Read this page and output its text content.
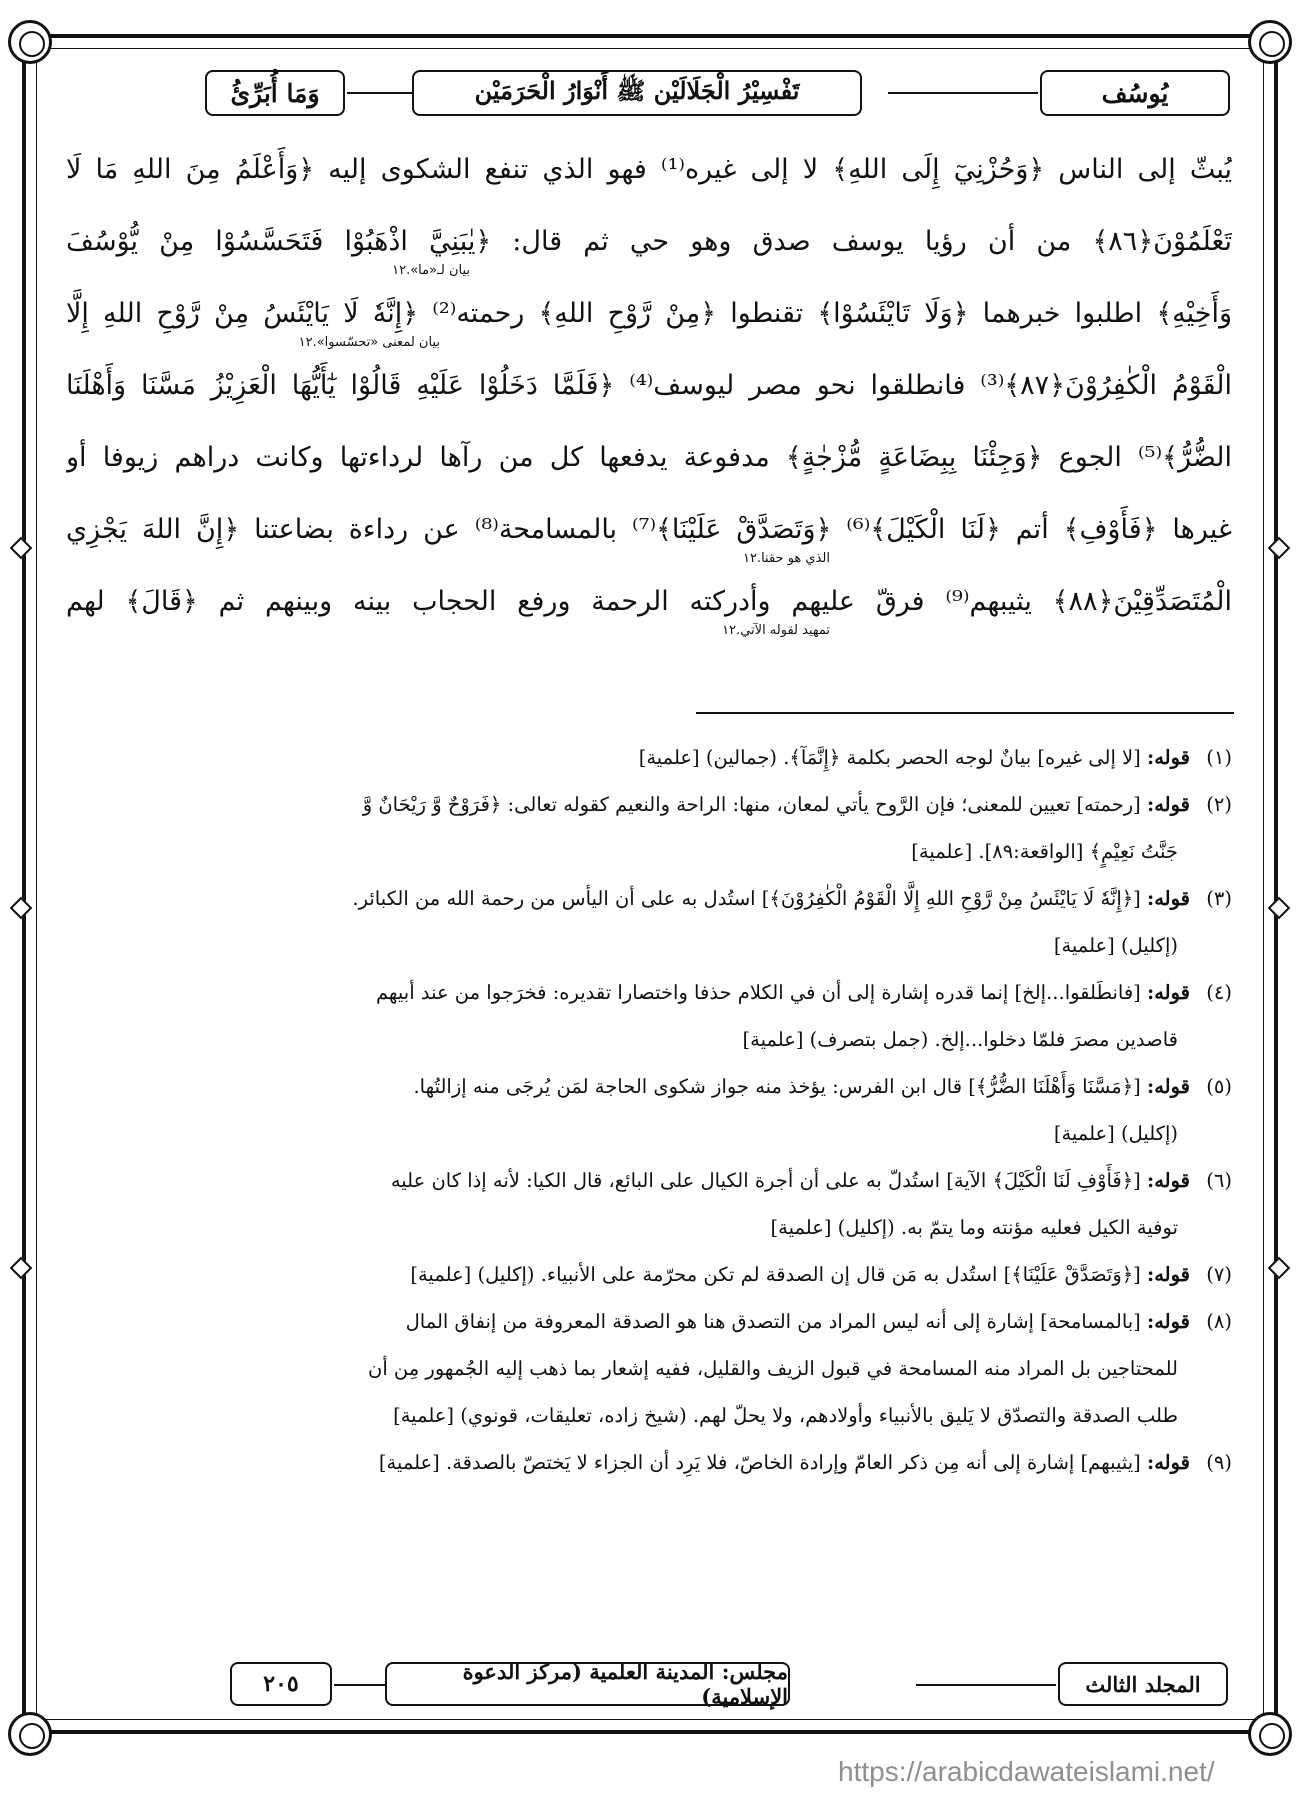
يُوسُف
تَفْسِيْرُ الْجَلَالَيْن ﷺ أَنْوَارُ الْحَرَمَيْن
وَمَا أُبَرِّئُ
يُبثّ إلى الناس ﴿وَحُزْنِيٓ إِلَى اللهِ﴾ لا إلى غيره⁽¹⁾ فهو الذي تنفع الشكوى إليه ﴿وَأَعْلَمُ مِنَ اللهِ مَا لَا
تَعْلَمُوْنَ﴿٨٦﴾ من أن رؤيا يوسف صدق وهو حي ثم قال: ﴿يٰبَنِيَّ اذْهَبُوْا فَتَحَسَّسُوْا مِنْ يُّوْسُفَ
وَأَخِيْهِ﴾ اطلبوا خبرهما ﴿وَلَا تَايْئَسُوْا﴾ تقنطوا ﴿مِنْ رَّوْحِ اللهِ﴾ رحمته⁽²⁾ ﴿إِنَّهٗ لَا يَايْئَسُ مِنْ رَّوْحِ اللهِ إِلَّا
الْقَوْمُ الْكٰفِرُوْنَ﴿٨٧﴾⁽³⁾ فانطلقوا نحو مصر ليوسف⁽⁴⁾ ﴿فَلَمَّا دَخَلُوْا عَلَيْهِ قَالُوْا يٰٓأَيُّهَا الْعَزِيْزُ مَسَّنَا وَأَهْلَنَا
الضُّرُّ﴾⁽⁵⁾ الجوع ﴿وَجِئْنَا بِبِضَاعَةٍ مُّزْجٰةٍ﴾ مدفوعة يدفعها كل من رآها لرداءتها وكانت دراهم زيوفا أو
غيرها ﴿فَأَوْفِ﴾ أتم ﴿لَنَا الْكَيْلَ﴾⁽⁶⁾ ﴿وَتَصَدَّقْ عَلَيْنَا﴾⁽⁷⁾ بالمسامحة⁽⁸⁾ عن رداءة بضاعتنا ﴿إِنَّ اللهَ يَجْزِي
الْمُتَصَدِّقِيْنَ﴿٨٨﴾ يثيبهم⁽⁹⁾ فرقّ عليهم وأدركته الرحمة ورفع الحجاب بينه وبينهم ثم ﴿قَالَ﴾ لهم
بيان لـ«ما».١٢
بيان لمعنى «تحسّسوا».١٢
الذي هو حقنا.١٢
تمهيد لقوله الآتي.١٢
(١)قوله: [لا إلى غيره] بيانٌ لوجه الحصر بكلمة ﴿إِنَّمَآ﴾. (جمالين) [علمية]
(٢)قوله: [رحمته] تعيين للمعنى؛ فإن الرَّوح يأتي لمعان، منها: الراحة والنعيم كقوله تعالى: ﴿فَرَوْحٌ وَّ رَيْحَانٌ وَّ
جَنَّتُ نَعِيْمٍ﴾ [الواقعة:٨٩]. [علمية]
(٣)قوله: [﴿إِنَّهٗ لَا يَايْئَسُ مِنْ رَّوْحِ اللهِ إِلَّا الْقَوْمُ الْكٰفِرُوْنَ﴾] استُدل به على أن اليأس من رحمة الله من الكبائر.
(إكليل) [علمية]
(٤)قوله: [فانطَلقوا...إلخ] إنما قدره إشارة إلى أن في الكلام حذفا واختصارا تقديره: فخرَجوا من عند أبيهم
قاصدين مصرَ فلمّا دخلوا...إلخ. (جمل بتصرف) [علمية]
(٥)قوله: [﴿مَسَّنَا وَأَهْلَنَا الضُّرُّ﴾] قال ابن الفرس: يؤخذ منه جواز شكوى الحاجة لمَن يُرجَى منه إزالتُها.
(إكليل) [علمية]
(٦)قوله: [﴿فَأَوْفِ لَنَا الْكَيْلَ﴾ الآية] استُدلّ به على أن أجرة الكيال على البائع، قال الكيا: لأنه إذا كان عليه
توفية الكيل فعليه مؤنته وما يتمّ به. (إكليل) [علمية]
(٧)قوله: [﴿وَتَصَدَّقْ عَلَيْنَا﴾] استُدل به مَن قال إن الصدقة لم تكن محرّمة على الأنبياء. (إكليل) [علمية]
(٨)قوله: [بالمسامحة] إشارة إلى أنه ليس المراد من التصدق هنا هو الصدقة المعروفة من إنفاق المال
للمحتاجين بل المراد منه المسامحة في قبول الزيف والقليل، ففيه إشعار بما ذهب إليه الجُمهور مِن أن
طلب الصدقة والتصدّق لا يَليق بالأنبياء وأولادهم، ولا يحلّ لهم. (شيخ زاده، تعليقات، قونوي) [علمية]
(٩)قوله: [يثيبهم] إشارة إلى أنه مِن ذكر العامّ وإرادة الخاصّ، فلا يَرِد أن الجزاء لا يَختصّ بالصدقة. [علمية]
المجلد الثالث
مجلس: المدينة العلمية (مركز الدعوة الإسلامية)
٢٠٥
https://arabicdawateislami.net/
